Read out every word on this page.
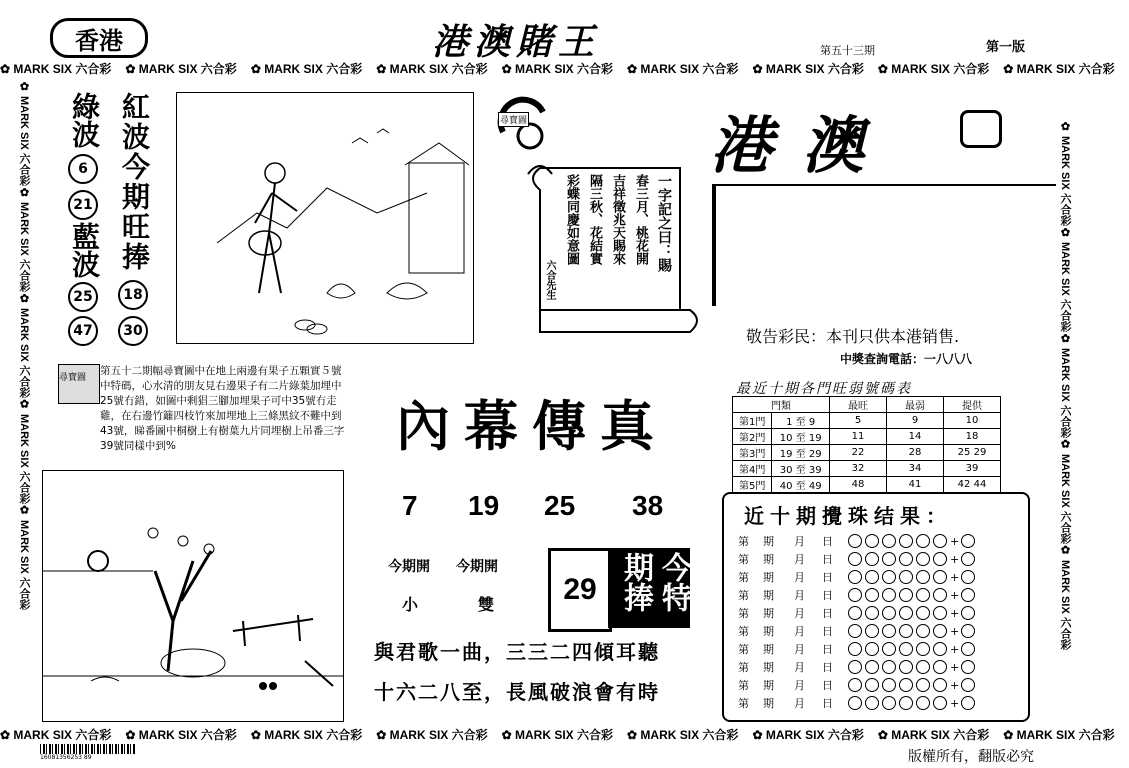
香港	港澳賭王	第五十三期	第一版
✿ MARK SIX 六合彩 ✿ MARK SIX 六合彩 ✿ MARK SIX 六合彩 ✿ MARK SIX 六合彩 ✿ MARK SIX 六合彩 ✿ MARK SIX 六合彩 ✿ MARK SIX 六合彩 ✿ MARK SIX 六合彩 ✿ MARK SIX 六合彩
✿ MARK SIX 六合彩 ✿ MARK SIX 六合彩 ✿ MARK SIX 六合彩 ✿ MARK SIX 六合彩 ✿ MARK SIX 六合彩 ✿ MARK SIX 六合彩 ✿ MARK SIX 六合彩 ✿ MARK SIX 六合彩 ✿ MARK SIX 六合彩
✿ MARK SIX 六合彩✿ MARK SIX 六合彩✿ MARK SIX 六合彩✿ MARK SIX 六合彩✿ MARK SIX 六合彩
✿ MARK SIX 六合彩✿ MARK SIX 六合彩✿ MARK SIX 六合彩✿ MARK SIX 六合彩✿ MARK SIX 六合彩
紅波今期旺捧
綠波
6
21
藍波
25
47
18
30
尋寶圖
一字記之曰：賜
春三月、桃花開
吉祥徵兆天賜來
隔三秋、花結實
彩蝶同慶如意圖
六合先生
港澳
敬告彩民：本刊只供本港销售.
中獎查詢電話：一八八八
尋寶圖
第五十二期幅尋寶圖中在地上兩邊有果子五顆實５號中特碼，心水清的朋友見右邊果子有二片綠葉加埋中25號冇錯，如圖中剩猖三腳加埋果子可中35號冇走雞，在右邊竹籬四枝竹來加埋地上三條黑紋不難中到43號，睇番圖中桐樹上有樹葉九片同埋樹上吊番三字39號同樣中到%	內幕傳真
7 19 25 38
今期開
小
今期開
雙 29	今特期捧
與君歌一曲，三三二四傾耳聽
十六二八至，長風破浪會有時
最近十期各門旺弱號碼表
門類		最旺	最弱	提供
第1門	1 至 9	5	9	10
第2門	10 至 19	11	14	18
第3門	19 至 29	22	28	25 29
第4門	30 至 39	32	34	39
第5門	40 至 49	48	41	42 44
近十期攪珠结果：
第期 月	日	+
第期 月	日	+
第期 月	日	+
第期 月	日	+
第期 月	日	+
第期 月	日	+
第期 月	日	+
第期 月	日	+
第期 月	日	+
第期 月	日	+
16081356253 89	版權所有，翻版必究
